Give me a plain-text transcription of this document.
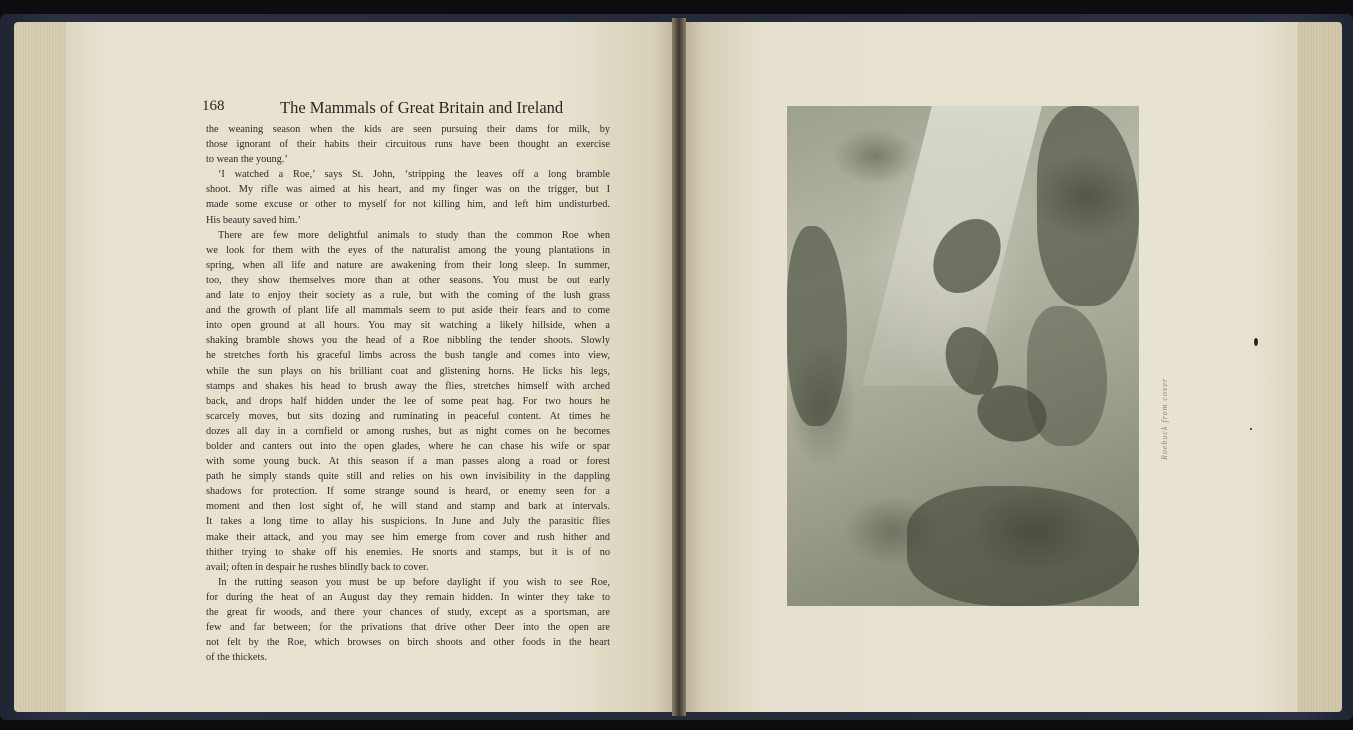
168	The Mammals of Great Britain and Ireland
the weaning season when the kids are seen pursuing their dams for milk, by
those ignorant of their habits their circuitous runs have been thought an exercise
to wean the young.’
‘I watched a Roe,’ says St. John, ‘stripping the leaves off a long bramble
shoot. My rifle was aimed at his heart, and my finger was on the trigger, but I
made some excuse or other to myself for not killing him, and left him undisturbed.
His beauty saved him.’
There are few more delightful animals to study than the common Roe when
we look for them with the eyes of the naturalist among the young plantations in
spring, when all life and nature are awakening from their long sleep. In summer,
too, they show themselves more than at other seasons. You must be out early
and late to enjoy their society as a rule, but with the coming of the lush grass
and the growth of plant life all mammals seem to put aside their fears and to come
into open ground at all hours. You may sit watching a likely hillside, when a
shaking bramble shows you the head of a Roe nibbling the tender shoots. Slowly
he stretches forth his graceful limbs across the bush tangle and comes into view,
while the sun plays on his brilliant coat and glistening horns. He licks his legs,
stamps and shakes his head to brush away the flies, stretches himself with arched
back, and drops half hidden under the lee of some peat hag. For two hours he
scarcely moves, but sits dozing and ruminating in peaceful content. At times he
dozes all day in a cornfield or among rushes, but as night comes on he becomes
bolder and canters out into the open glades, where he can chase his wife or spar
with some young buck. At this season if a man passes along a road or forest
path he simply stands quite still and relies on his own invisibility in the dappling
shadows for protection. If some strange sound is heard, or enemy seen for a
moment and then lost sight of, he will stand and stamp and bark at intervals.
It takes a long time to allay his suspicions. In June and July the parasitic flies
make their attack, and you may see him emerge from cover and rush hither and
thither trying to shake off his enemies. He snorts and stamps, but it is of no
avail; often in despair he rushes blindly back to cover.
In the rutting season you must be up before daylight if you wish to see Roe,
for during the heat of an August day they remain hidden. In winter they take to
the great fir woods, and there your chances of study, except as a sportsman, are
few and far between; for the privations that drive other Deer into the open are
not felt by the Roe, which browses on birch shoots and other foods in the heart
of the thickets.
Roebuck from cover
